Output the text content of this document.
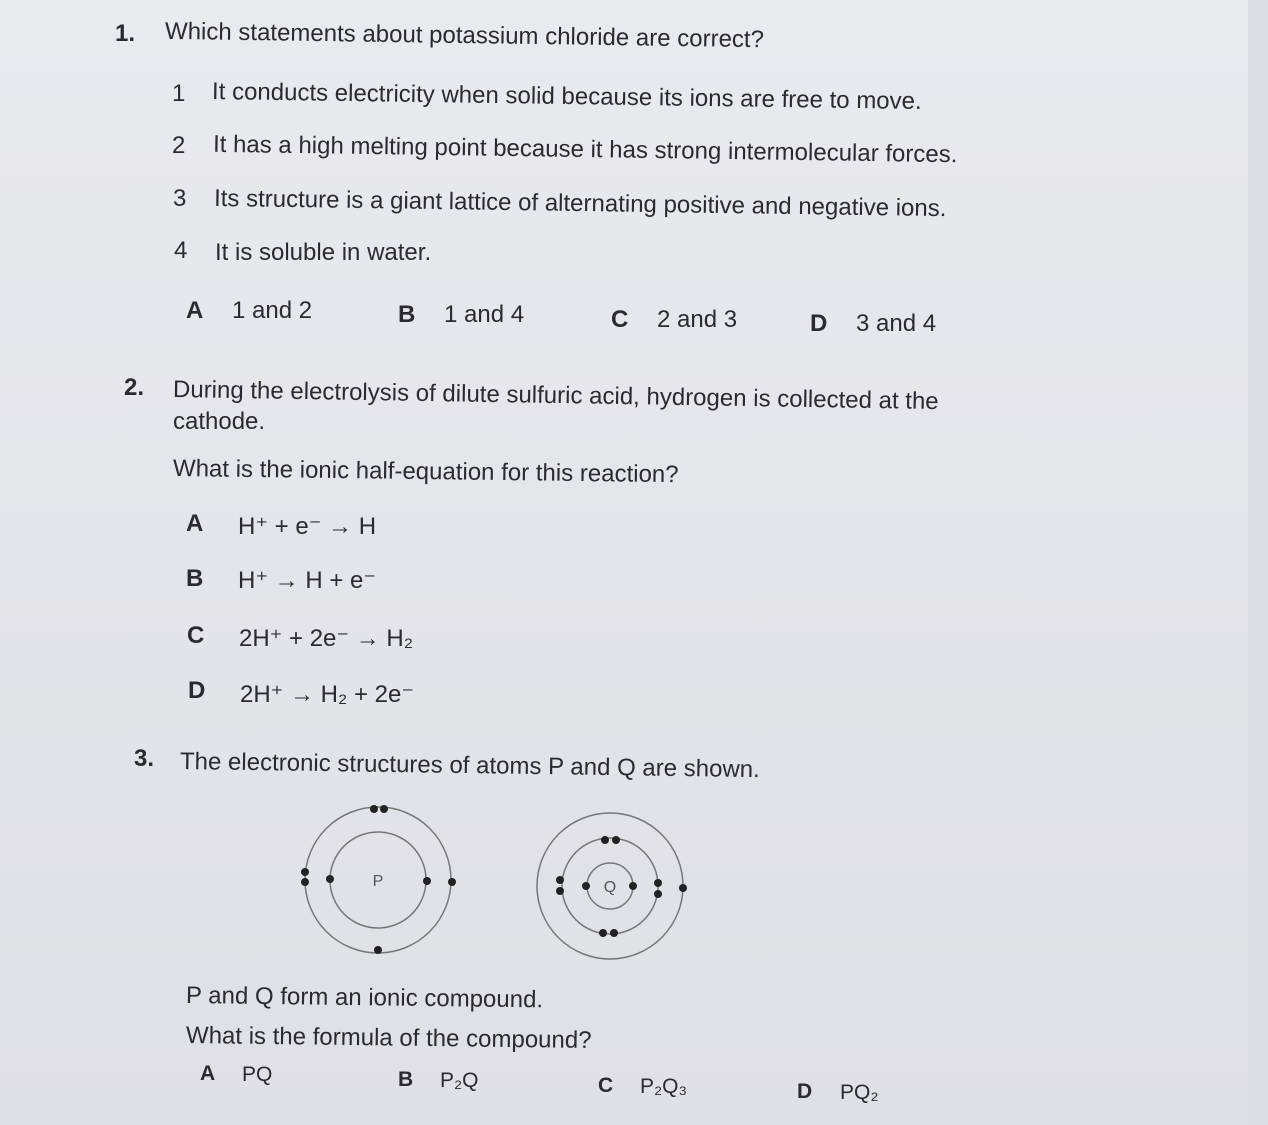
1. Which statements about potassium chloride are correct?
1 It conducts electricity when solid because its ions are free to move.
2 It has a high melting point because it has strong intermolecular forces.
3 Its structure is a giant lattice of alternating positive and negative ions.
4 It is soluble in water.
A 1 and 2	B 1 and 4	C 2 and 3	D 3 and 4
2. During the electrolysis of dilute sulfuric acid, hydrogen is collected at the
cathode.
What is the ionic half-equation for this reaction?
A H⁺ + e⁻ → H
B H⁺ → H + e⁻
C 2H⁺ + 2e⁻ → H₂
D 2H⁺ → H₂ + 2e⁻
3. The electronic structures of atoms P and Q are shown.
P	Q
P and Q form an ionic compound.
What is the formula of the compound?
A PQ	B P₂Q	C P₂Q₃	D PQ₂
